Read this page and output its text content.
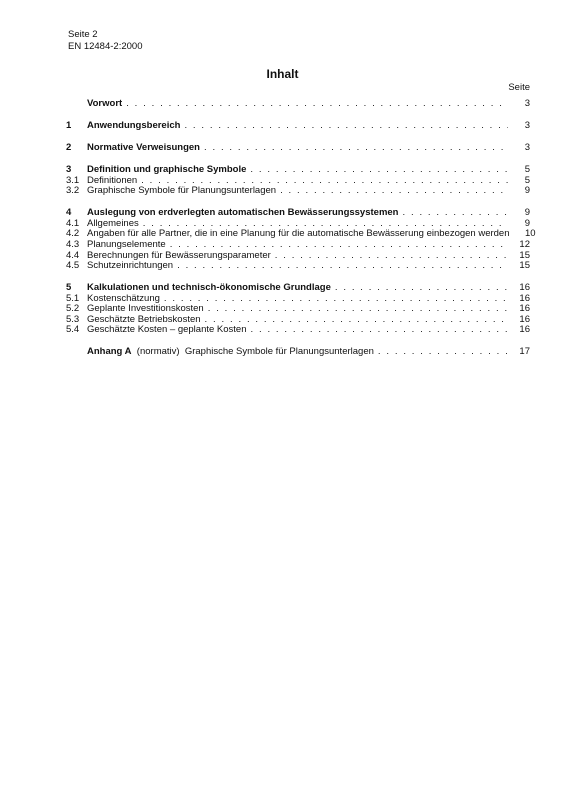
Seite 2
EN 12484-2:2000
Inhalt
Seite
Vorwort . . .	3
1	Anwendungsbereich . . .	3
2	Normative Verweisungen . . .	3
3	Definition und graphische Symbole . . .	5
3.1 Definitionen . . .	5
3.2 Graphische Symbole für Planungsunterlagen . . .	9
4	Auslegung von erdverlegten automatischen Bewässerungssystemen . . .	9
4.1 Allgemeines . . .	9
4.2 Angaben für alle Partner, die in eine Planung für die automatische Bewässerung einbezogen werden . . .	10
4.3 Planungselemente . . .	12
4.4 Berechnungen für Bewässerungsparameter . . .	15
4.5 Schutzeinrichtungen . . .	15
5	Kalkulationen und technisch-ökonomische Grundlage . . .	16
5.1 Kostenschätzung . . .	16
5.2 Geplante Investitionskosten . . .	16
5.3 Geschätzte Betriebskosten . . .	16
5.4 Geschätzte Kosten – geplante Kosten . . .	16
Anhang A  (normativ)  Graphische Symbole für Planungsunterlagen . . .	17
